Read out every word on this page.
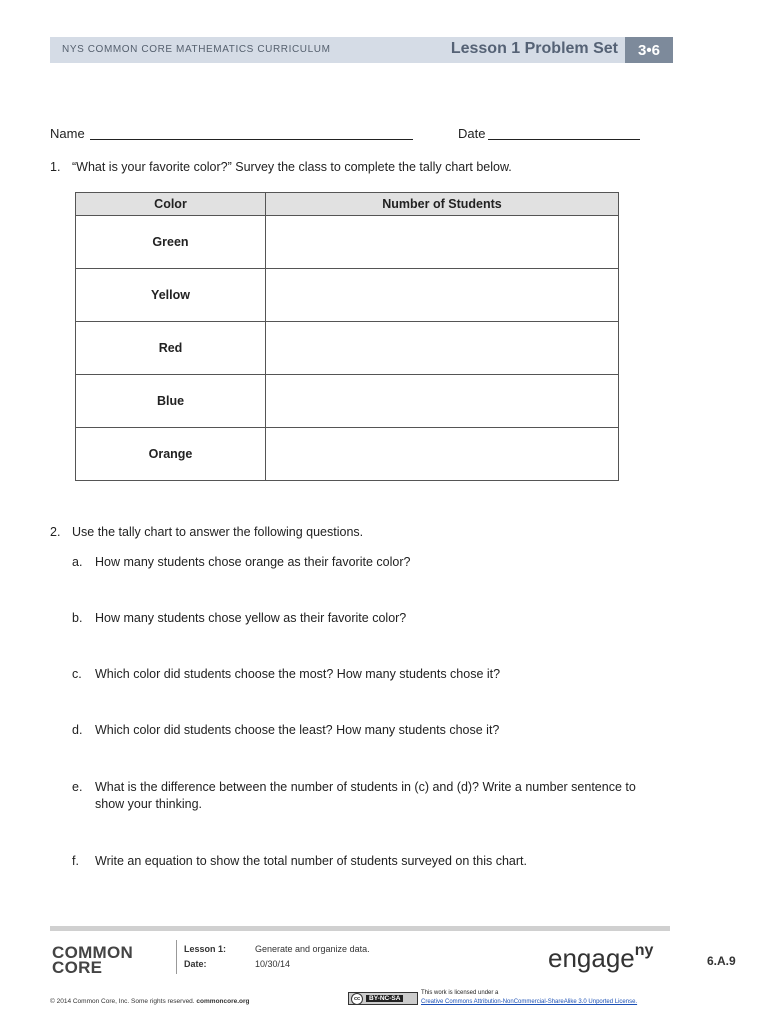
NYS COMMON CORE MATHEMATICS CURRICULUM	Lesson 1 Problem Set	3•6
Name	Date
1. “What is your favorite color?” Survey the class to complete the tally chart below.
Color	Number of Students
Green	
Yellow	
Red	
Blue	
Orange	
2. Use the tally chart to answer the following questions.
a. How many students chose orange as their favorite color?
b. How many students chose yellow as their favorite color?
c. Which color did students choose the most? How many students chose it?
d. Which color did students choose the least? How many students chose it?
e. What is the difference between the number of students in (c) and (d)? Write a number sentence to
show your thinking.
f. Write an equation to show the total number of students surveyed on this chart.
COMMON
CORE
Lesson 1:	Generate and organize data.
Date:	10/30/14	engage$^{ny}$
6.A.9
© 2014 Common Core, Inc. Some rights reserved. commoncore.org	cc	BY-NC-SA
This work is licensed under a
Creative Commons Attribution-NonCommercial-ShareAlike 3.0 Unported License.
